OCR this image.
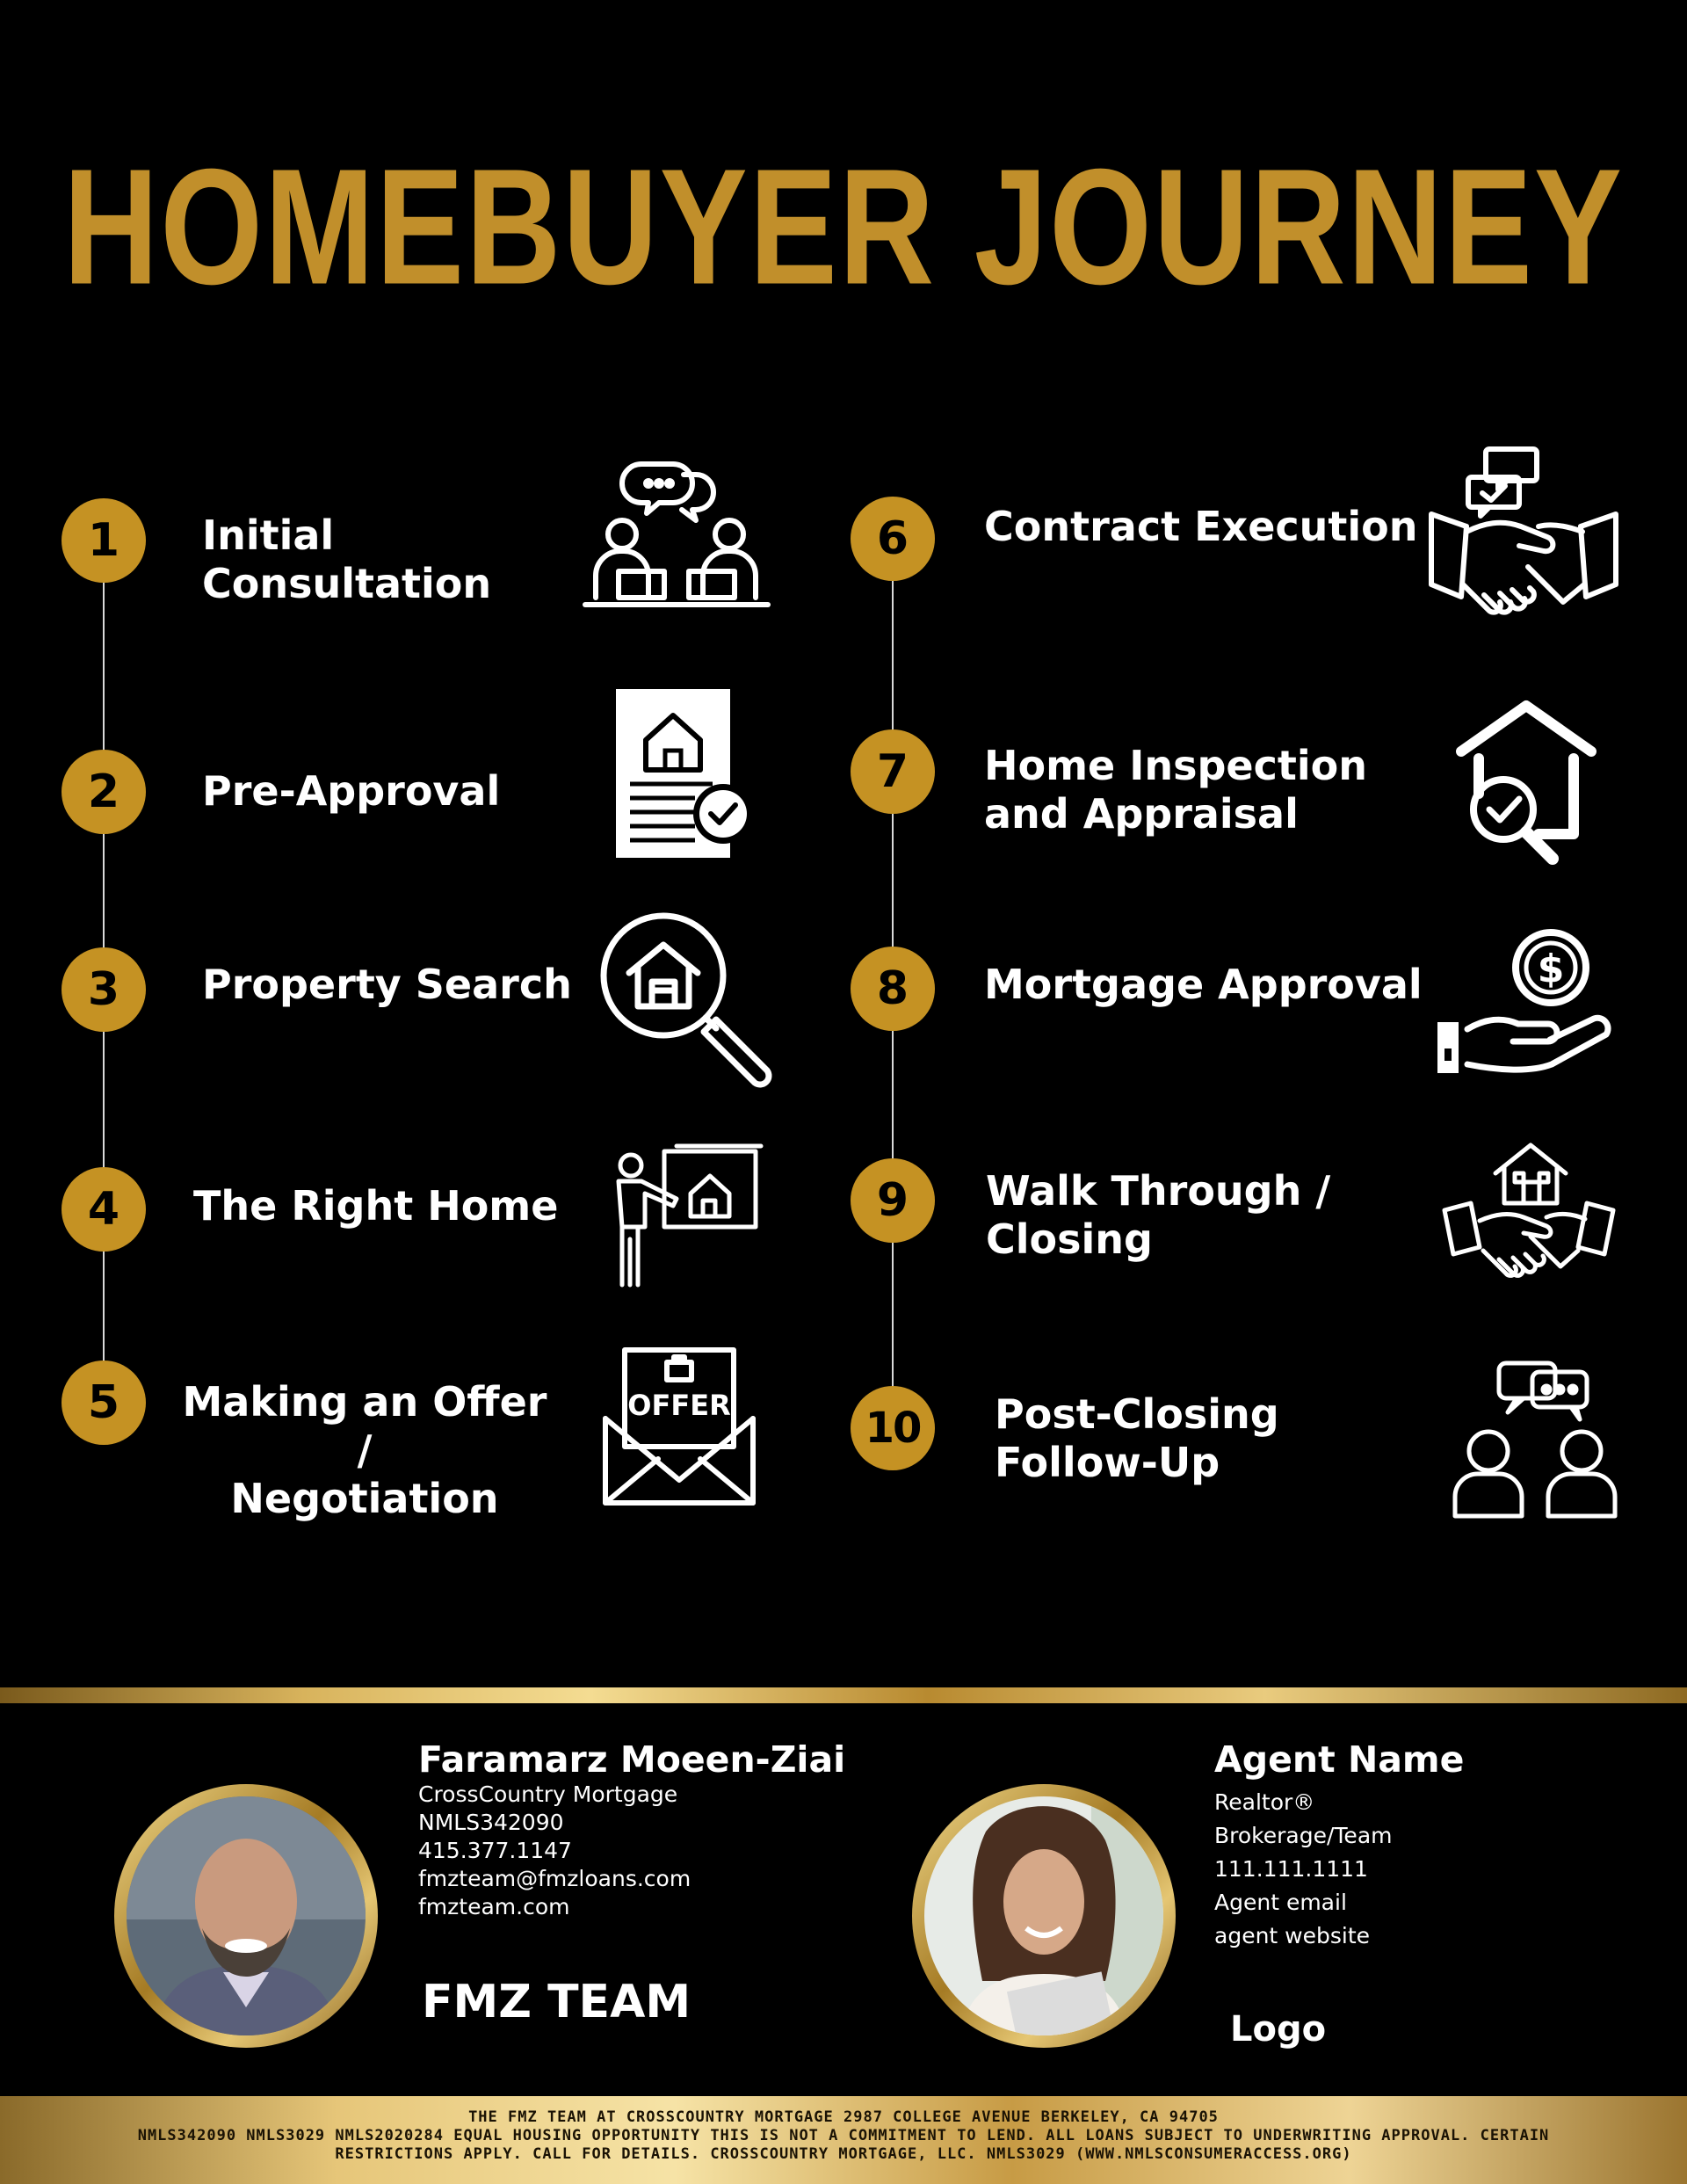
HOMEBUYER JOURNEY
1	Initial
Consultation
2	Pre-Approval
3	Property Search
4	The Right Home
5	Making an Offer /
Negotiation
OFFER
6	Contract Execution
7	Home Inspection
and Appraisal
8	Mortgage Approval	$
9	Walk Through /
Closing
10	Post-Closing
Follow-Up
Faramarz Moeen-Ziai
CrossCountry Mortgage
NMLS342090
415.377.1147
fmzteam@fmzloans.com
fmzteam.com
FMZ TEAM
Agent Name
Realtor®
Brokerage/Team
111.111.1111
Agent email
agent website
Logo
THE FMZ TEAM AT CROSSCOUNTRY MORTGAGE 2987 COLLEGE AVENUE BERKELEY, CA 94705
NMLS342090 NMLS3029 NMLS2020284 EQUAL HOUSING OPPORTUNITY THIS IS NOT A COMMITMENT TO LEND. ALL LOANS SUBJECT TO UNDERWRITING APPROVAL. CERTAIN
RESTRICTIONS APPLY. CALL FOR DETAILS. CROSSCOUNTRY MORTGAGE, LLC. NMLS3029 (WWW.NMLSCONSUMERACCESS.ORG)
